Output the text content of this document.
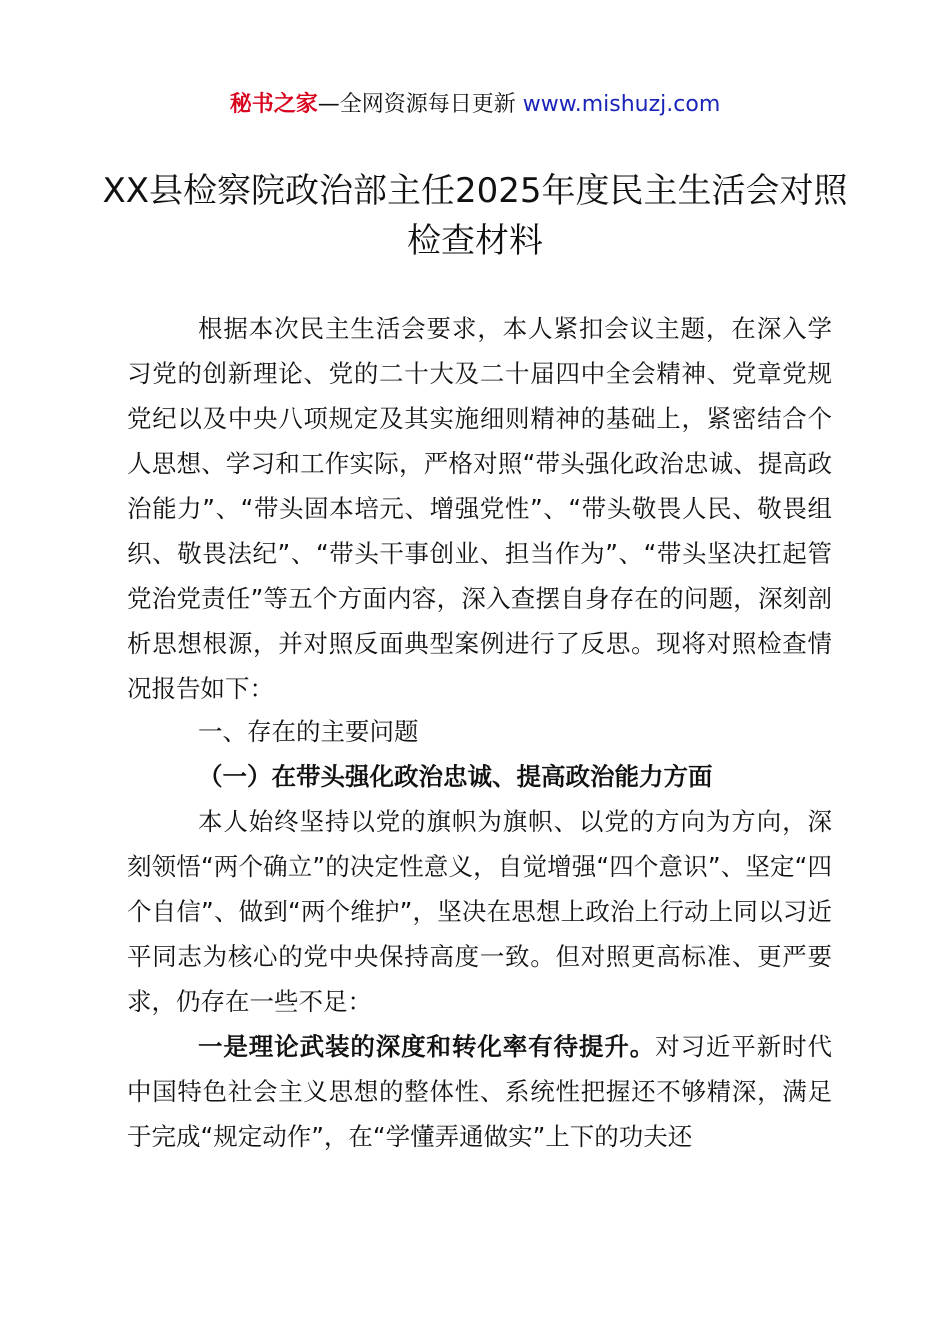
秘书之家—全网资源每日更新 www.mishuzj.com
XX县检察院政治部主任2025年度民主生活会对照检查材料

根据本次民主生活会要求，本人紧扣会议主题，在深入学习党的创新理论、党的二十大及二十届四中全会精神、党章党规党纪以及中央八项规定及其实施细则精神的基础上，紧密结合个人思想、学习和工作实际，严格对照“带头强化政治忠诚、提高政治能力”、“带头固本培元、增强党性”、“带头敬畏人民、敬畏组织、敬畏法纪”、“带头干事创业、担当作为”、“带头坚决扛起管党治党责任”等五个方面内容，深入查摆自身存在的问题，深刻剖析思想根源，并对照反面典型案例进行了反思。现将对照检查情况报告如下：

一、存在的主要问题

（一）在带头强化政治忠诚、提高政治能力方面

本人始终坚持以党的旗帜为旗帜、以党的方向为方向，深刻领悟“两个确立”的决定性意义，自觉增强“四个意识”、坚定“四个自信”、做到“两个维护”，坚决在思想上政治上行动上同以习近平同志为核心的党中央保持高度一致。但对照更高标准、更严要求，仍存在一些不足：

一是理论武装的深度和转化率有待提升。对习近平新时代中国特色社会主义思想的整体性、系统性把握还不够精深，满足于完成“规定动作”，在“学懂弄通做实”上下的功夫还
